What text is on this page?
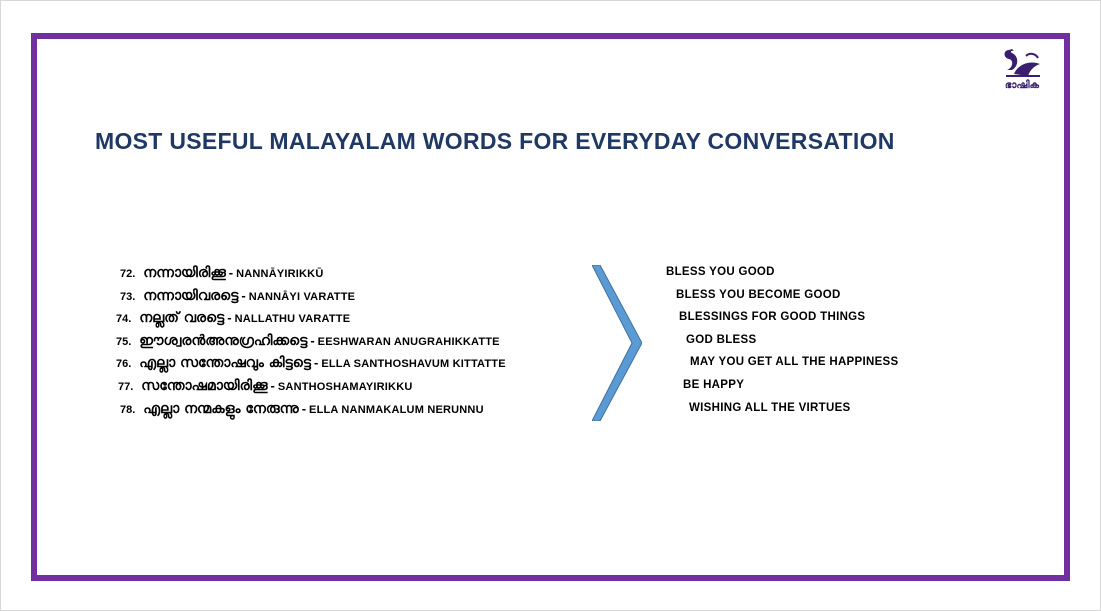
ഭാഷിക
MOST USEFUL MALAYALAM WORDS FOR EVERYDAY CONVERSATION
72. നന്നായിരിക്കൂ - NANNĀYIRIKKŪ	BLESS YOU GOOD
73. നന്നായിവരട്ടെ - NANNĀYI VARATTE	BLESS YOU BECOME GOOD
74. നല്ലത് വരട്ടെ - NALLATHU VARATTE	BLESSINGS FOR GOOD THINGS
75. ഈശ്വരൻഅനുഗ്രഹിക്കട്ടെ - EESHWARAN ANUGRAHIKKATTE	GOD BLESS
76. എല്ലാ സന്തോഷവും കിട്ടട്ടെ - ELLA SANTHOSHAVUM KITTATTE	MAY YOU GET ALL THE HAPPINESS
77. സന്തോഷമായിരിക്കൂ - SANTHOSHAMAYIRIKKU	BE HAPPY
78. എല്ലാ നന്മകളും നേരുന്നു - ELLA NANMAKALUM NERUNNU	WISHING ALL THE VIRTUES
